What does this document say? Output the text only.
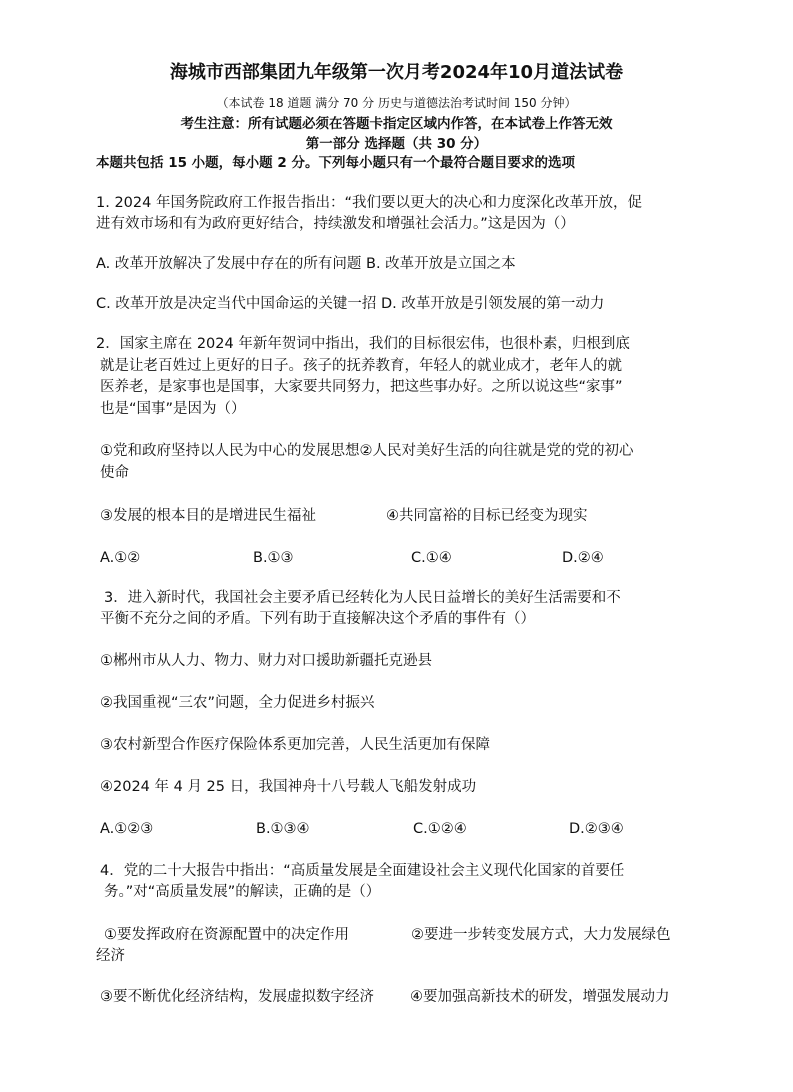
海城市西部集团九年级第一次月考2024年10月道法试卷
（本试卷 18 道题 满分 70 分 历史与道德法治考试时间 150 分钟）
考生注意：所有试题必须在答题卡指定区域内作答，在本试卷上作答无效
第一部分 选择题（共 30 分）
本题共包括 15 小题，每小题 2 分。下列每小题只有一个最符合题目要求的选项
1. 2024 年国务院政府工作报告指出：“我们要以更大的决心和力度深化改革开放，促
进有效市场和有为政府更好结合，持续激发和增强社会活力。”这是因为（）
A. 改革开放解决了发展中存在的所有问题 B. 改革开放是立国之本
C. 改革开放是决定当代中国命运的关键一招 D. 改革开放是引领发展的第一动力
2．国家主席在 2024 年新年贺词中指出，我们的目标很宏伟，也很朴素，归根到底
就是让老百姓过上更好的日子。孩子的抚养教育，年轻人的就业成才，老年人的就
医养老，是家事也是国事，大家要共同努力，把这些事办好。之所以说这些“家事”
也是“国事”是因为（）
①党和政府坚持以人民为中心的发展思想②人民对美好生活的向往就是党的党的初心
使命
③发展的根本目的是增进民生福祉	④共同富裕的目标已经变为现实
A.①②	B.①③	C.①④	D.②④
3．进入新时代，我国社会主要矛盾已经转化为人民日益增长的美好生活需要和不
平衡不充分之间的矛盾。下列有助于直接解决这个矛盾的事件有（）
①郴州市从人力、物力、财力对口援助新疆托克逊县
②我国重视“三农”问题，全力促进乡村振兴
③农村新型合作医疗保险体系更加完善，人民生活更加有保障
④2024 年 4 月 25 日，我国神舟十八号载人飞船发射成功
A.①②③	B.①③④	C.①②④	D.②③④
4．党的二十大报告中指出：“高质量发展是全面建设社会主义现代化国家的首要任
务。”对“高质量发展”的解读，正确的是（）
①要发挥政府在资源配置中的决定作用	②要进一步转变发展方式，大力发展绿色
经济
③要不断优化经济结构，发展虚拟数字经济 ④要加强高新技术的研发，增强发展动力
